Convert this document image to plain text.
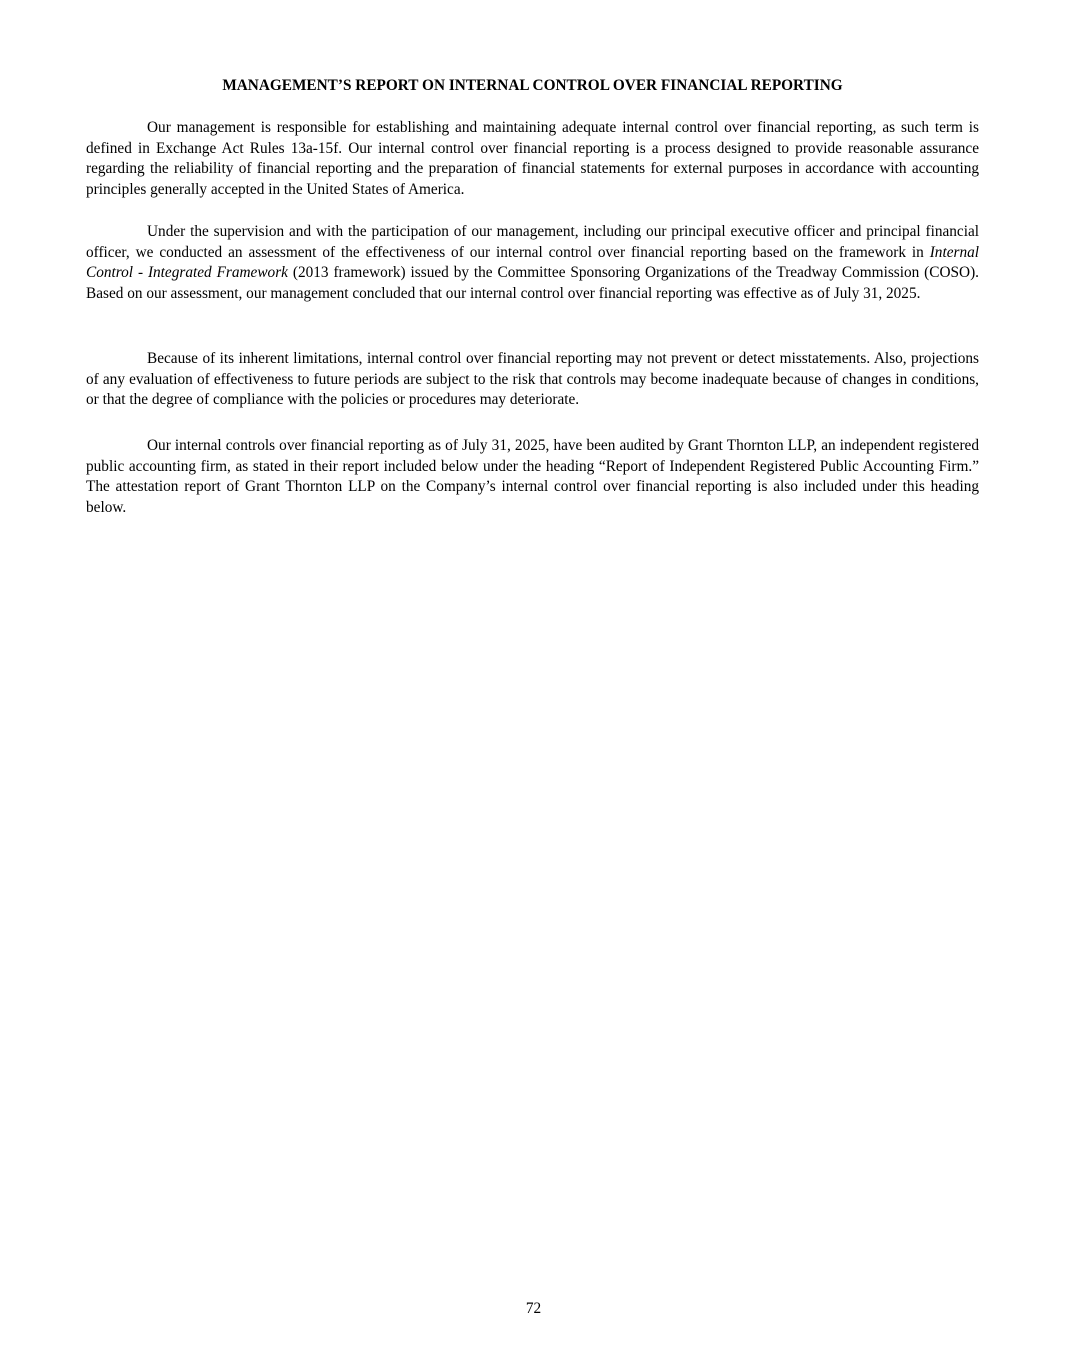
MANAGEMENT’S REPORT ON INTERNAL CONTROL OVER FINANCIAL REPORTING

Our management is responsible for establishing and maintaining adequate internal control over financial reporting, as such term is defined in Exchange Act Rules 13a-15f. Our internal control over financial reporting is a process designed to provide reasonable assurance regarding the reliability of financial reporting and the preparation of financial statements for external purposes in accordance with accounting principles generally accepted in the United States of America.

Under the supervision and with the participation of our management, including our principal executive officer and principal financial officer, we conducted an assessment of the effectiveness of our internal control over financial reporting based on the framework in Internal Control - Integrated Framework (2013 framework) issued by the Committee Sponsoring Organizations of the Treadway Commission (COSO). Based on our assessment, our management concluded that our internal control over financial reporting was effective as of July 31, 2025.

Because of its inherent limitations, internal control over financial reporting may not prevent or detect misstatements. Also, projections of any evaluation of effectiveness to future periods are subject to the risk that controls may become inadequate because of changes in conditions, or that the degree of compliance with the policies or procedures may deteriorate.

Our internal controls over financial reporting as of July 31, 2025, have been audited by Grant Thornton LLP, an independent registered public accounting firm, as stated in their report included below under the heading “Report of Independent Registered Public Accounting Firm.” The attestation report of Grant Thornton LLP on the Company’s internal control over financial reporting is also included under this heading below.

72
